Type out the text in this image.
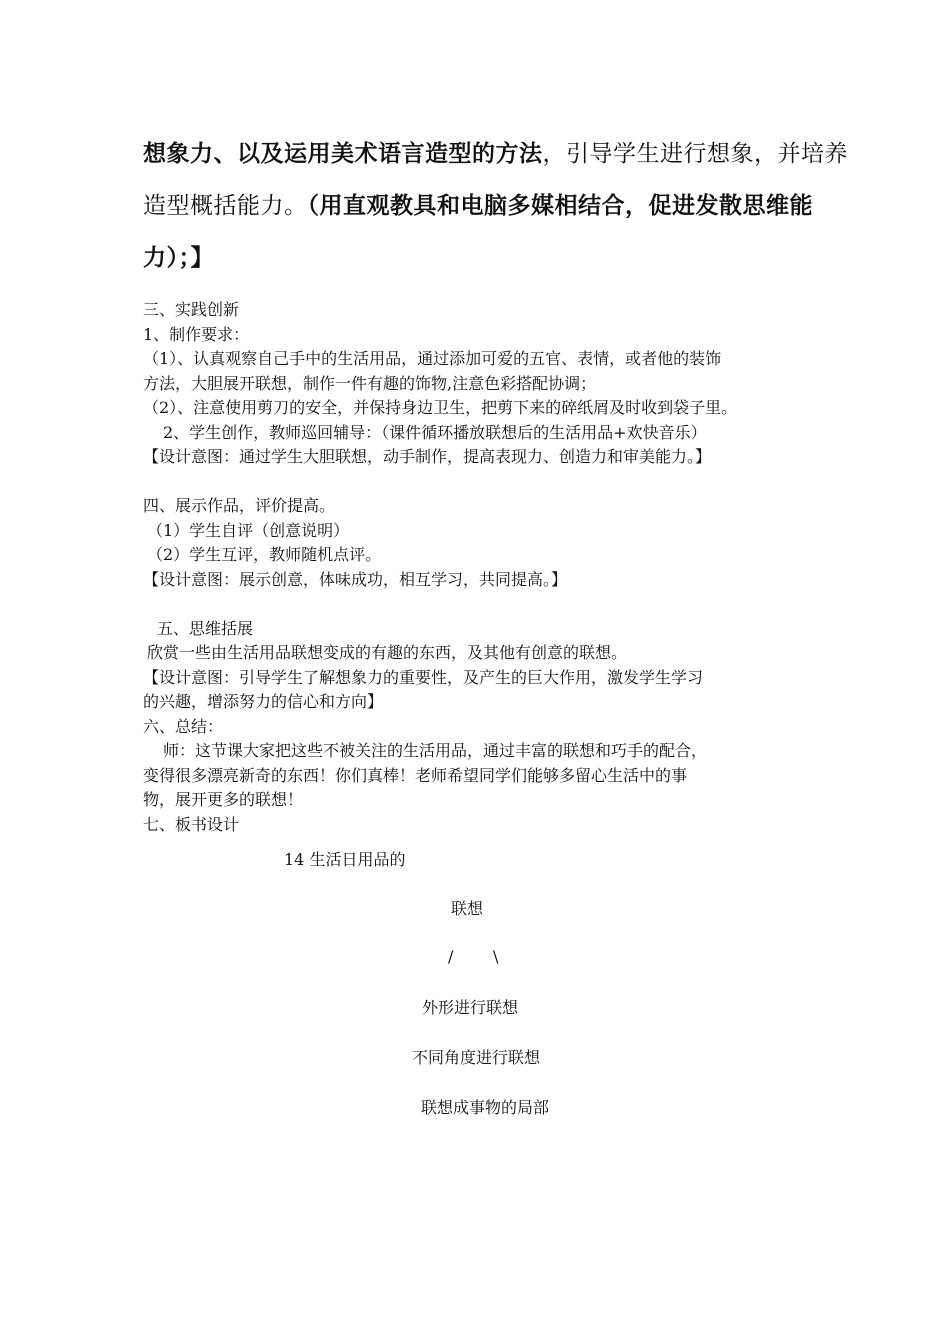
想象力、以及运用美术语言造型的方法，引导学生进行想象，并培养
造型概括能力。（用直观教具和电脑多媒相结合，促进发散思维能
力）；】
三、实践创新
1、制作要求：
（1）、认真观察自己手中的生活用品，通过添加可爱的五官、表情，或者他的装饰
方法，大胆展开联想，制作一件有趣的饰物,注意色彩搭配协调；
（2）、注意使用剪刀的安全，并保持身边卫生，把剪下来的碎纸屑及时收到袋子里。
2、学生创作，教师巡回辅导：（课件循环播放联想后的生活用品+欢快音乐）
【设计意图：通过学生大胆联想，动手制作，提高表现力、创造力和审美能力。】
四、展示作品，评价提高。
（1）学生自评（创意说明）
（2）学生互评，教师随机点评。
【设计意图：展示创意，体味成功，相互学习，共同提高。】
五、思维括展
欣赏一些由生活用品联想变成的有趣的东西，及其他有创意的联想。
【设计意图：引导学生了解想象力的重要性，及产生的巨大作用，激发学生学习
的兴趣，增添努力的信心和方向】
六、总结：
师：这节课大家把这些不被关注的生活用品，通过丰富的联想和巧手的配合，
变得很多漂亮新奇的东西！你们真棒！老师希望同学们能够多留心生活中的事
物，展开更多的联想！
七、板书设计
14 生活日用品的
联想
/ \
外形进行联想
不同角度进行联想
联想成事物的局部
